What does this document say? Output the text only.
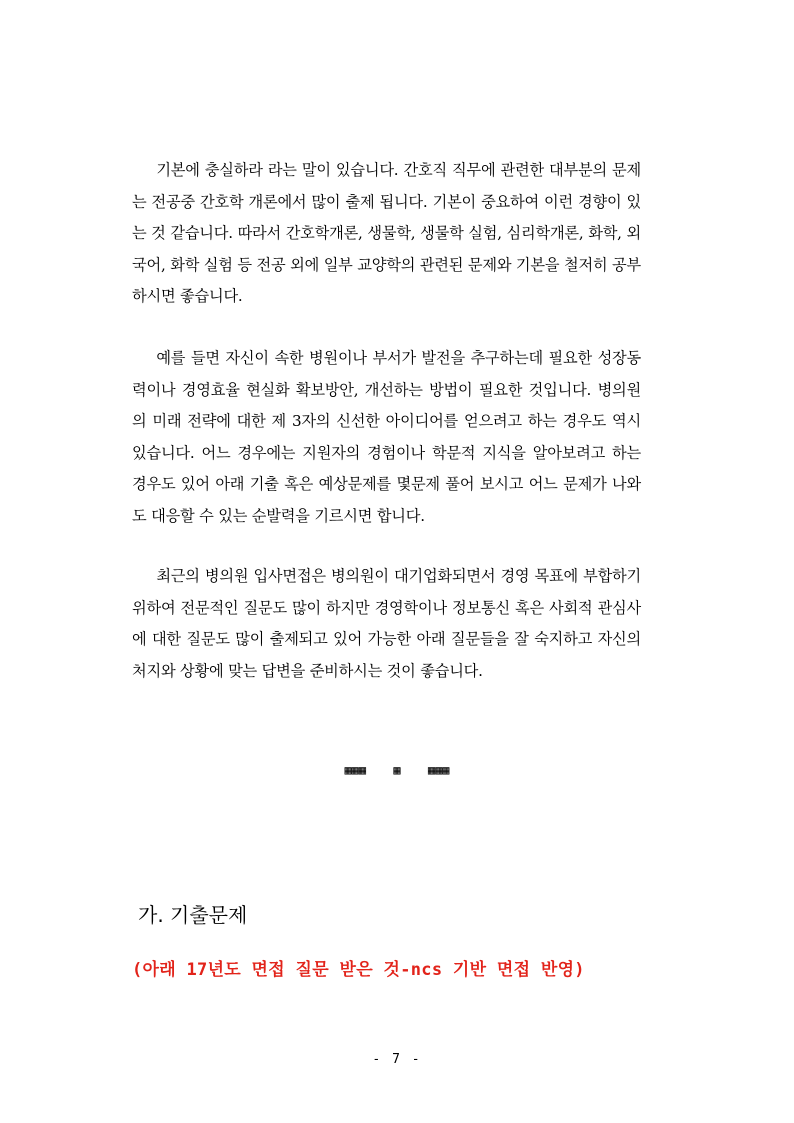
기본에 충실하라 라는 말이 있습니다. 간호직 직무에 관련한 대부분의 문제는 전공중 간호학 개론에서 많이 출제 됩니다. 기본이 중요하여 이런 경향이 있는 것 같습니다. 따라서 간호학개론, 생물학, 생물학 실험, 심리학개론, 화학, 외국어, 화학 실험 등 전공 외에 일부 교양학의 관련된 문제와 기본을 철저히 공부하시면 좋습니다.

예를 들면 자신이 속한 병원이나 부서가 발전을 추구하는데 필요한 성장동력이나 경영효율 현실화 확보방안, 개선하는 방법이 필요한 것입니다. 병의원의 미래 전략에 대한 제 3자의 신선한 아이디어를 얻으려고 하는 경우도 역시 있습니다. 어느 경우에는 지원자의 경험이나 학문적 지식을 알아보려고 하는 경우도 있어 아래 기출 혹은 예상문제를 몇문제 풀어 보시고 어느 문제가 나와도 대응할 수 있는 순발력을 기르시면 합니다.

최근의 병의원 입사면접은 병의원이 대기업화되면서 경영 목표에 부합하기 위하여 전문적인 질문도 많이 하지만 경영학이나 정보통신 혹은 사회적 관심사에 대한 질문도 많이 출제되고 있어 가능한 아래 질문들을 잘 숙지하고 자신의 처지와 상황에 맞는 답변을 준비하시는 것이 좋습니다.

▦▦▦ ▦ ▦▦▦
가. 기출문제

(아래 17년도 면접 질문 받은 것-ncs 기반 면접 반영)

- 7 -
